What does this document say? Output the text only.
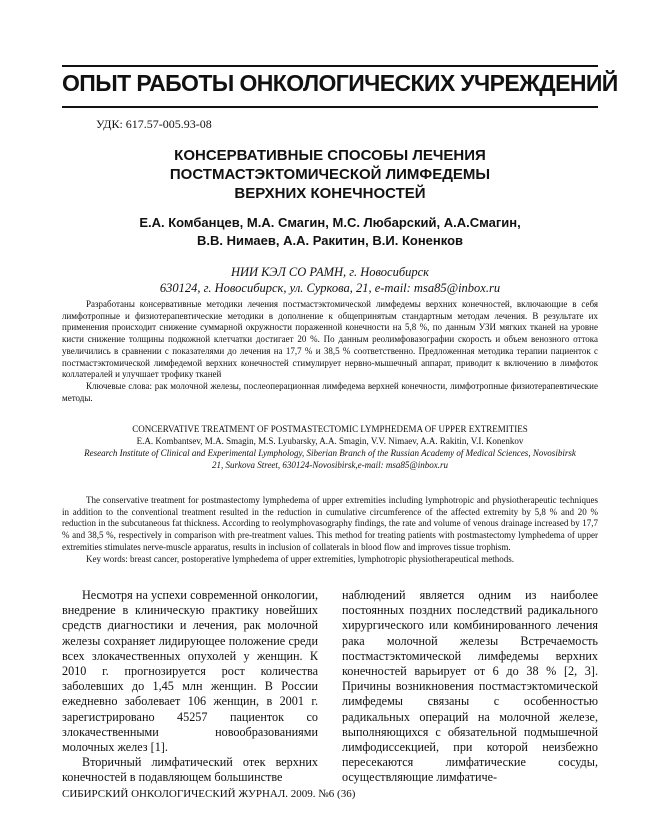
ОПЫТ РАБОТЫ ОНКОЛОГИЧЕСКИХ УЧРЕЖДЕНИЙ
УДК: 617.57-005.93-08
КОНСЕРВАТИВНЫЕ СПОСОБЫ ЛЕЧЕНИЯ
ПОСТМАСТЭКТОМИЧЕСКОЙ ЛИМФЕДЕМЫ
ВЕРХНИХ КОНЕЧНОСТЕЙ
Е.А. Комбанцев, М.А. Смагин, М.С. Любарский, А.А.Смагин,
В.В. Нимаев, А.А. Ракитин, В.И. Коненков
НИИ КЭЛ СО РАМН, г. Новосибирск
630124, г. Новосибирск, ул. Суркова, 21, e-mail: msa85@inbox.ru

Разработаны консервативные методики лечения постмастэктомической лимфедемы верхних конечностей, включающие в себя лимфотропные и физиотерапевтические методики в дополнение к общепринятым стандартным методам лечения. В результате их применения происходит снижение суммарной окружности пораженной конечности на 5,8 %, по данным УЗИ мягких тканей на уровне кисти снижение толщины подкожной клетчатки достигает 20 %. По данным реолимфовазографии скорость и объем венозного оттока увеличились в сравнении с показателями до лечения на 17,7 % и 38,5 % соответственно. Предложенная методика терапии пациенток с постмастэктомической лимфедемой верхних конечностей стимулирует нервно-мышечный аппарат, приводит к включению в лимфоток коллатералей и улучшает трофику тканей

Ключевые слова: рак молочной железы, послеоперационная лимфедема верхней конечности, лимфотропные физиотерапевтические методы.

CONCERVATIVE TREATMENT OF POSTMASTECTOMIC LYMPHEDEMA OF UPPER EXTREMITIES
E.A. Kombantsev, M.A. Smagin, M.S. Lyubarsky, A.A. Smagin, V.V. Nimaev, A.A. Rakitin, V.I. Konenkov
Research Institute of Clinical and Experimental Lymphology, Siberian Branch of the Russian Academy of Medical Sciences, Novosibirsk
21, Surkova Street, 630124-Novosibirsk,e-mail: msa85@inbox.ru

The conservative treatment for postmastectomy lymphedema of upper extremities including lymphotropic and physiotherapeutic techniques in addition to the conventional treatment resulted in the reduction in cumulative circumference of the affected extremity by 5,8 % and 20 % reduction in the subcutaneous fat thickness. According to reolymphovasography findings, the rate and volume of venous drainage increased by 17,7 % and 38,5 %, respectively in comparison with pre-treatment values. This method for treating patients with postmastectomy lymphedema of upper extremities stimulates nerve-muscle apparatus, results in inclusion of collaterals in blood flow and improves tissue trophism.

Key words: breast cancer, postoperative lymphedema of upper extremities, lymphotropic physiotherapeutical methods.

Несмотря на успехи современной онкологии, внедрение в клиническую практику новейших средств диагностики и лечения, рак молочной железы сохраняет лидирующее положение среди всех злокачественных опухолей у женщин. К 2010 г. прогнозируется рост количества заболевших до 1,45 млн женщин. В России ежедневно заболевает 106 женщин, в 2001 г. зарегистрировано 45257 пациенток со злокачественными новообразованиями молочных желез [1].

Вторичный лимфатический отек верхних конечностей в подавляющем большинстве

наблюдений является одним из наиболее постоянных поздних последствий радикального хирургического или комбинированного лечения рака молочной железы Встречаемость постмастэктомической лимфедемы верхних конечностей варьирует от 6 до 38 % [2, 3]. Причины возникновения постмастэктомической лимфедемы связаны с особенностью радикальных операций на молочной железе, выполняющихся с обязательной подмышечной лимфодиссекцией, при которой неизбежно пересекаются лимфатические сосуды, осуществляющие лимфатиче-

СИБИРСКИЙ ОНКОЛОГИЧЕСКИЙ ЖУРНАЛ. 2009. №6 (36)
